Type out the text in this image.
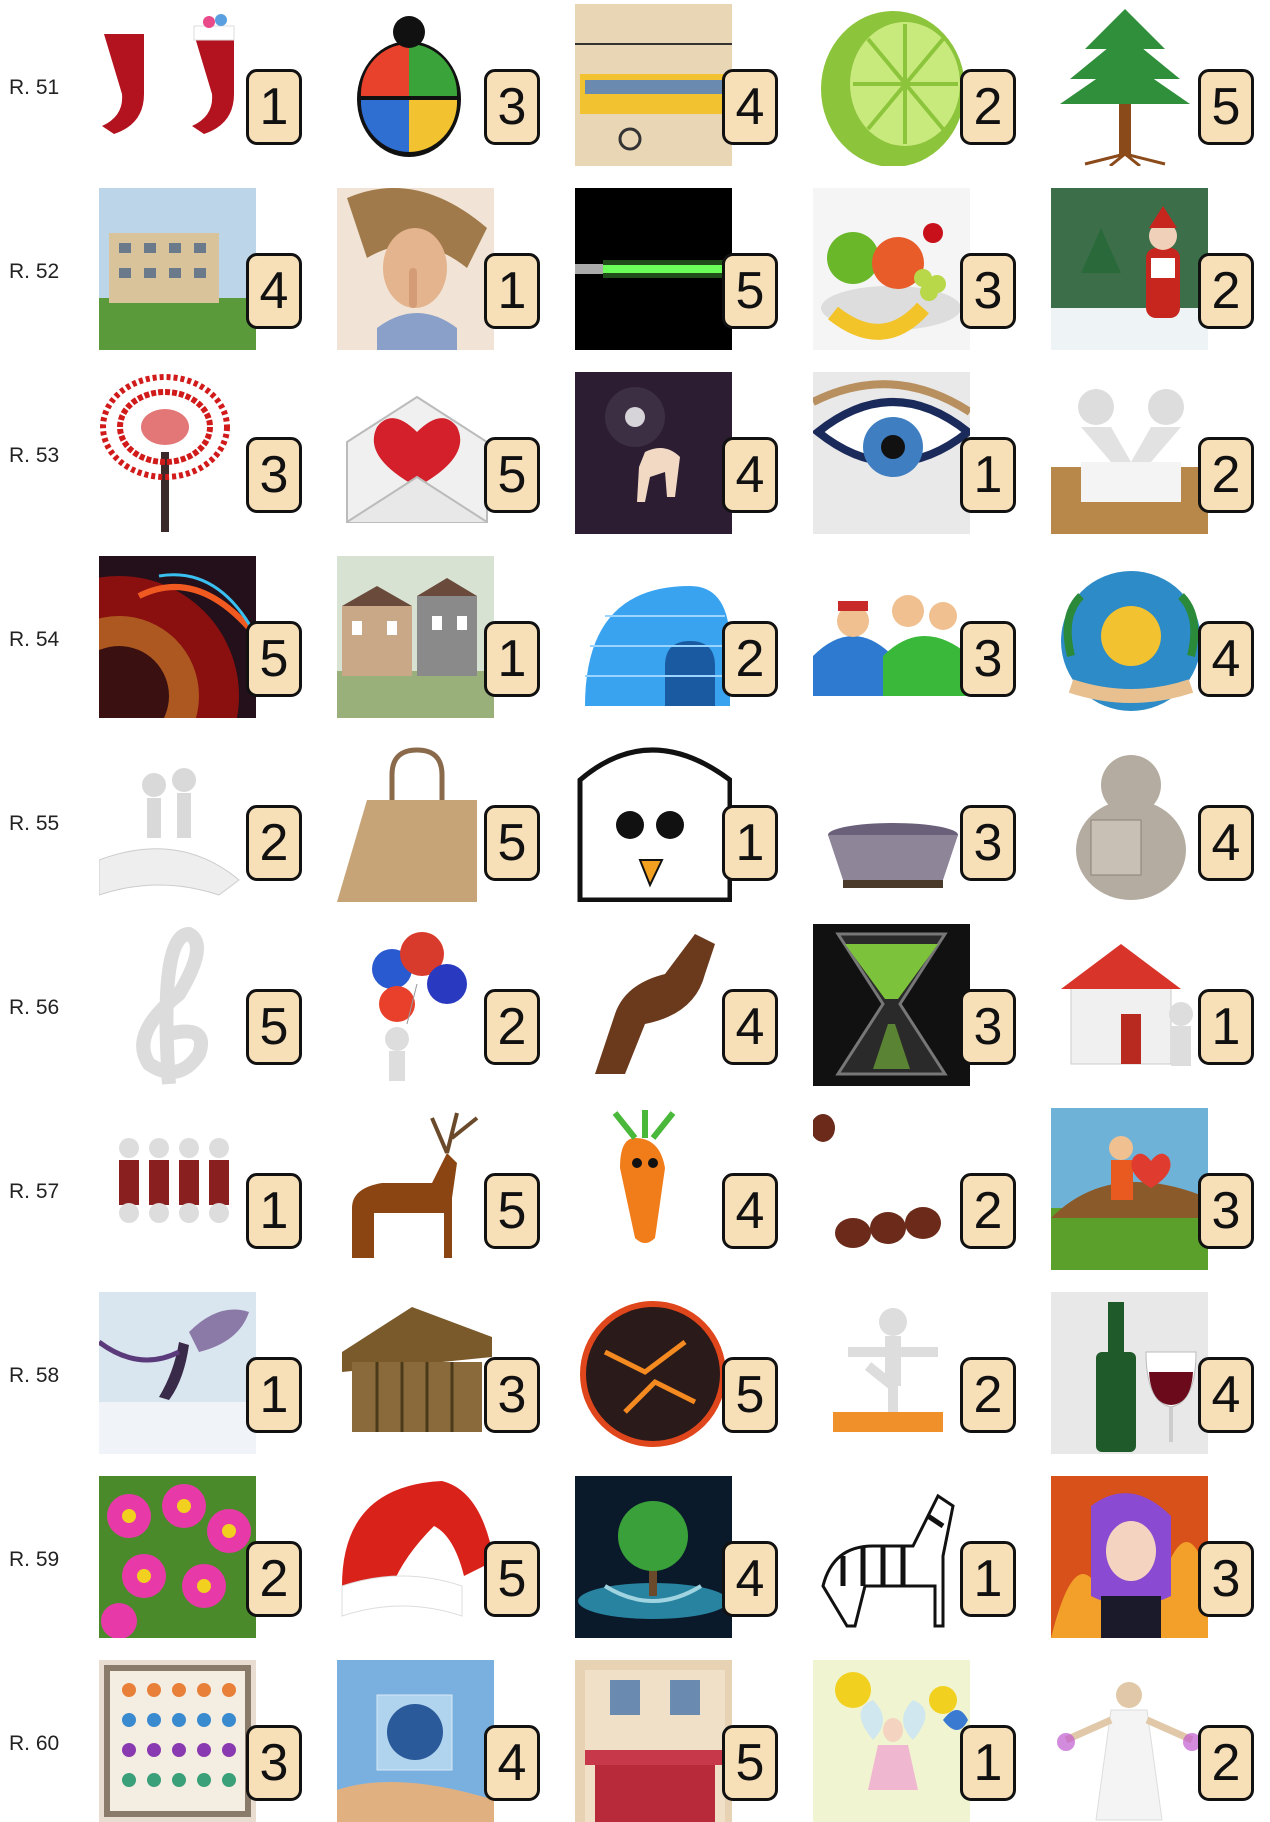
R. 51	1	3	4	2	5
R. 52	4	1	5	3	2
R. 53	3	5	4	1	2
R. 54	5	1	2	3	4
R. 55	2	5	1	3	4
R. 56	5	2	4	3	1
R. 57	1	5	4	2	3
R. 58	1	3	5	2	4
R. 59	2	5	4	1	3
R. 60	3	4	5	1	2
